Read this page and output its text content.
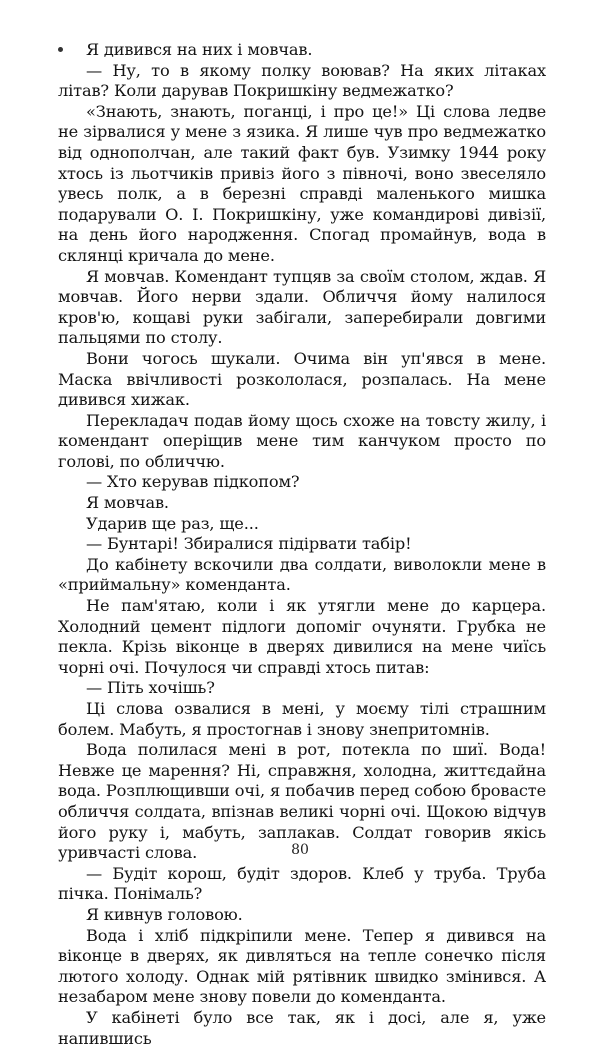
Я дивився на них і мовчав.

— Ну, то в якому полку воював? На яких літаках літав? Коли дарував Покришкіну ведмежатко?

«Знають, знають, поганці, і про це!» Ці слова ледве не зірвалися у мене з язика. Я лише чув про ведмежатко від однополчан, але такий факт був. Узимку 1944 року хтось із льотчиків привіз його з півночі, воно звеселяло увесь полк, а в березні справді маленького мишка подарували О. І. Покришкіну, уже командирові дивізії, на день його народження. Спогад промайнув, вода в склянці кричала до мене.

Я мовчав. Комендант тупцяв за своїм столом, ждав. Я мовчав. Його нерви здали. Обличчя йому налилося кров'ю, кощаві руки забігали, заперебирали довгими пальцями по столу.

Вони чогось шукали. Очима він уп'явся в мене. Маска ввічливості розкололася, розпалась. На мене дивився хижак.

Перекладач подав йому щось схоже на товсту жилу, і комендант оперіщив мене тим канчуком просто по голові, по обличчю.

— Хто керував підкопом?

Я мовчав.

Ударив ще раз, ще...

— Бунтарі! Збиралися підірвати табір!

До кабінету вскочили два солдати, виволокли мене в «приймальну» коменданта.

Не пам'ятаю, коли і як утягли мене до карцера. Холодний цемент підлоги допоміг очуняти. Грубка не пекла. Крізь віконце в дверях дивилися на мене чиїсь чорні очі. Почулося чи справді хтось питав:

— Піть хочішь?

Ці слова озвалися в мені, у моєму тілі страшним болем. Мабуть, я простогнав і знову знепритомнів.

Вода полилася мені в рот, потекла по шиї. Вода! Невже це марення? Ні, справжня, холодна, життєдайна вода. Розплющивши очі, я побачив перед собою бровасте обличчя солдата, впізнав великі чорні очі. Щокою відчув його руку і, мабуть, заплакав. Солдат говорив якісь уривчасті слова.

— Будіт корош, будіт здоров. Клеб у труба. Труба пічка. Понімаль?

Я кивнув головою.

Вода і хліб підкріпили мене. Тепер я дивився на віконце в дверях, як дивляться на тепле сонечко після лютого холоду. Однак мій рятівник швидко змінився. А незабаром мене знову повели до коменданта.

У кабінеті було все так, як і досі, але я, уже напившись

80
